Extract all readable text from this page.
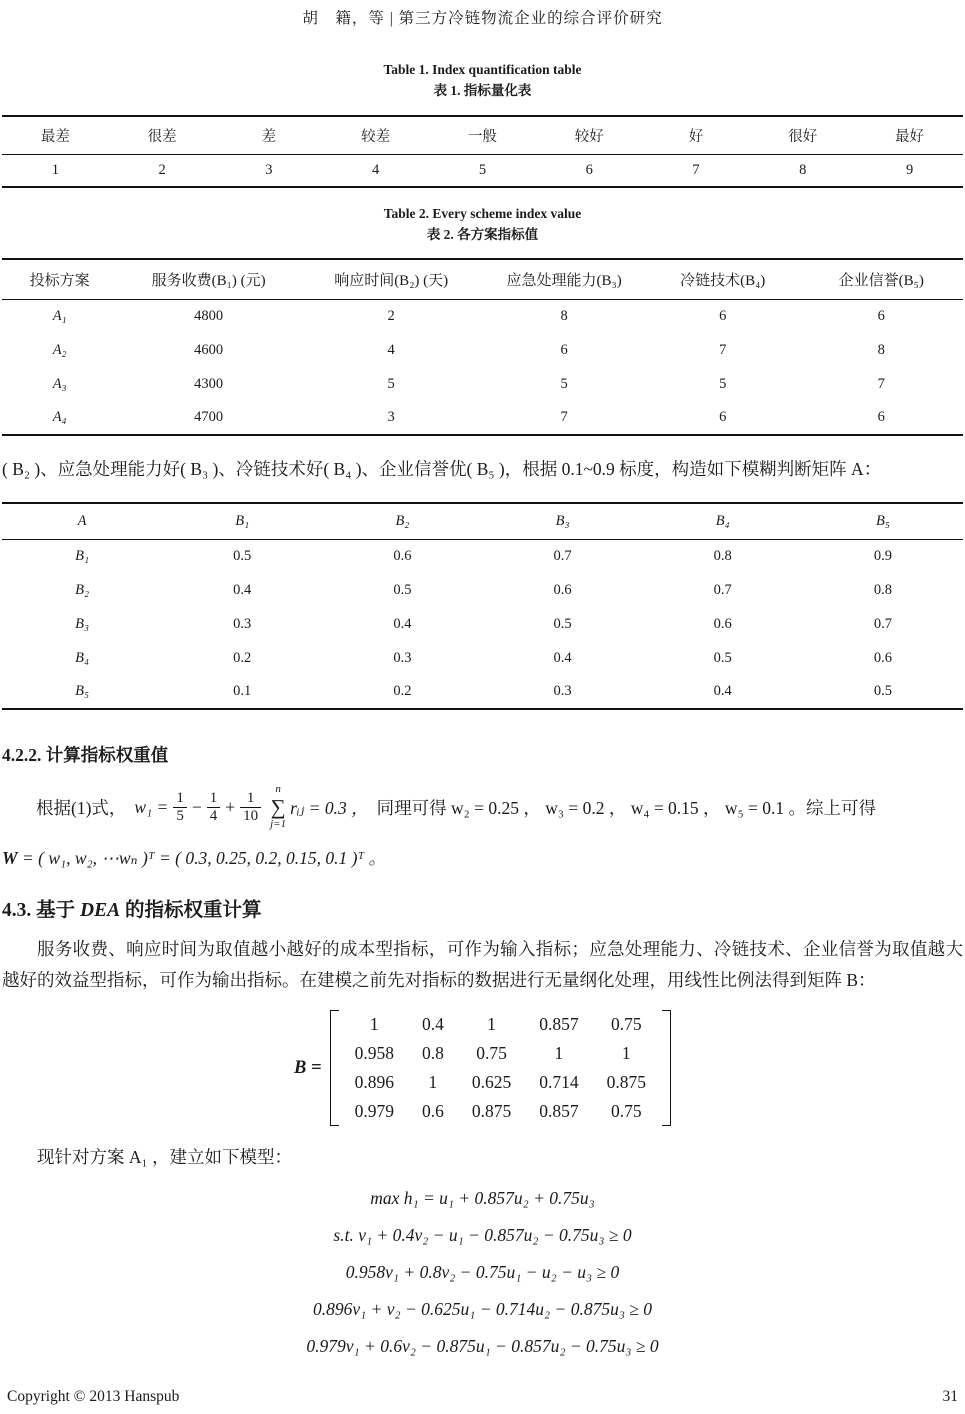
胡　籍，等 | 第三方冷链物流企业的综合评价研究
Table 1. Index quantification table
表 1. 指标量化表
最差	很差	差	较差	一般	较好	好	很好	最好
1	2	3	4	5	6	7	8	9
Table 2. Every scheme index value
表 2. 各方案指标值
投标方案	服务收费(B₁) (元)	响应时间(B₂) (天)	应急处理能力(B₃)	冷链技术(B₄)	企业信誉(B₅)
A₁	4800	2	8	6	6
A₂	4600	4	6	7	8
A₃	4300	5	5	5	7
A₄	4700	3	7	6	6
( B₂ )、应急处理能力好( B₃ )、冷链技术好( B₄ )、企业信誉优( B₅ )，根据 0.1~0.9 标度，构造如下模糊判断矩阵 A：
A	B₁	B₂	B₃	B₄	B₅
B₁	0.5	0.6	0.7	0.8	0.9
B₂	0.4	0.5	0.6	0.7	0.8
B₃	0.3	0.4	0.5	0.6	0.7
B₄	0.2	0.3	0.4	0.5	0.6
B₅	0.1	0.2	0.3	0.4	0.5
4.2.2. 计算指标权重值
根据(1)式， $w_1 = \frac{1}{5} - \frac{1}{4} + \frac{1}{10}$
n
∑
j=1
rᵢⱼ = 0.3 ， 同理可得 w₂ = 0.25 ， w₃ = 0.2 ， w₄ = 0.15 ， w₅ = 0.1 。综上可得
W = ( w₁, w₂, ⋯wₙ )ᵀ = ( 0.3, 0.25, 0.2, 0.15, 0.1 )ᵀ 。
4.3. 基于 DEA 的指标权重计算
服务收费、响应时间为取值越小越好的成本型指标，可作为输入指标；应急处理能力、冷链技术、企业信誉为取值越大越好的效益型指标，可作为输出指标。在建模之前先对指标的数据进行无量纲化处理，用线性比例法得到矩阵 B：
B =
1	0.4	1	0.857	0.75
0.958	0.8	0.75	1	1
0.896	1	0.625	0.714	0.875
0.979	0.6	0.875	0.857	0.75
现针对方案 A₁ ，建立如下模型：
max h₁ = u₁ + 0.857u₂ + 0.75u₃
s.t. v₁ + 0.4v₂ − u₁ − 0.857u₂ − 0.75u₃ ≥ 0
0.958v₁ + 0.8v₂ − 0.75u₁ − u₂ − u₃ ≥ 0
0.896v₁ + v₂ − 0.625u₁ − 0.714u₂ − 0.875u₃ ≥ 0
0.979v₁ + 0.6v₂ − 0.875u₁ − 0.857u₂ − 0.75u₃ ≥ 0
Copyright © 2013 Hanspub	31
